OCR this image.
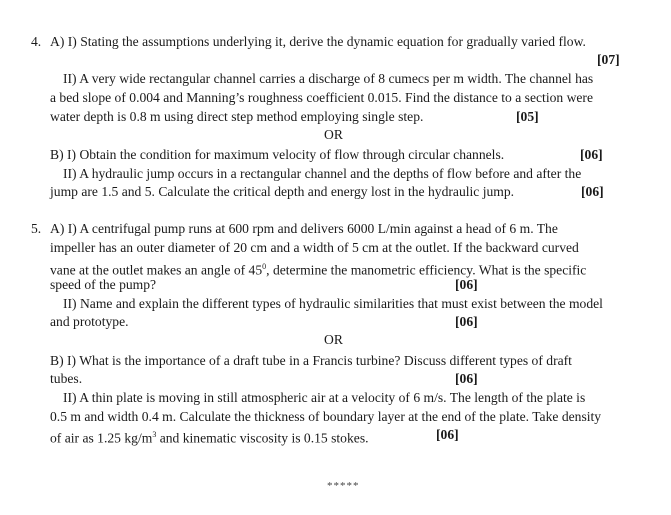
4. A) I) Stating the assumptions underlying it, derive the dynamic equation for gradually varied flow.
[07]
II) A very wide rectangular channel carries a discharge of 8 cumecs per m width. The channel has
a bed slope of 0.004 and Manning’s roughness coefficient 0.015. Find the distance to a section were
water depth is 0.8 m using direct step method employing single step.	[05]
OR
B) I) Obtain the condition for maximum velocity of flow through circular channels.	[06]
II) A hydraulic jump occurs in a rectangular channel and the depths of flow before and after the
jump are 1.5 and 5. Calculate the critical depth and energy lost in the hydraulic jump.	[06]
5. A) I) A centrifugal pump runs at 600 rpm and delivers 6000 L/min against a head of 6 m. The
impeller has an outer diameter of 20 cm and a width of 5 cm at the outlet. If the backward curved
vane at the outlet makes an angle of $45^0$, determine the manometric efficiency. What is the specific
speed of the pump?	[06]
II) Name and explain the different types of hydraulic similarities that must exist between the model
and prototype.	[06]
OR
B) I) What is the importance of a draft tube in a Francis turbine? Discuss different types of draft
tubes.	[06]
II) A thin plate is moving in still atmospheric air at a velocity of 6 m/s. The length of the plate is
0.5 m and width 0.4 m. Calculate the thickness of boundary layer at the end of the plate. Take density
of air as 1.25 $kg/m^3$ and kinematic viscosity is 0.15 stokes.	[06]
*****
